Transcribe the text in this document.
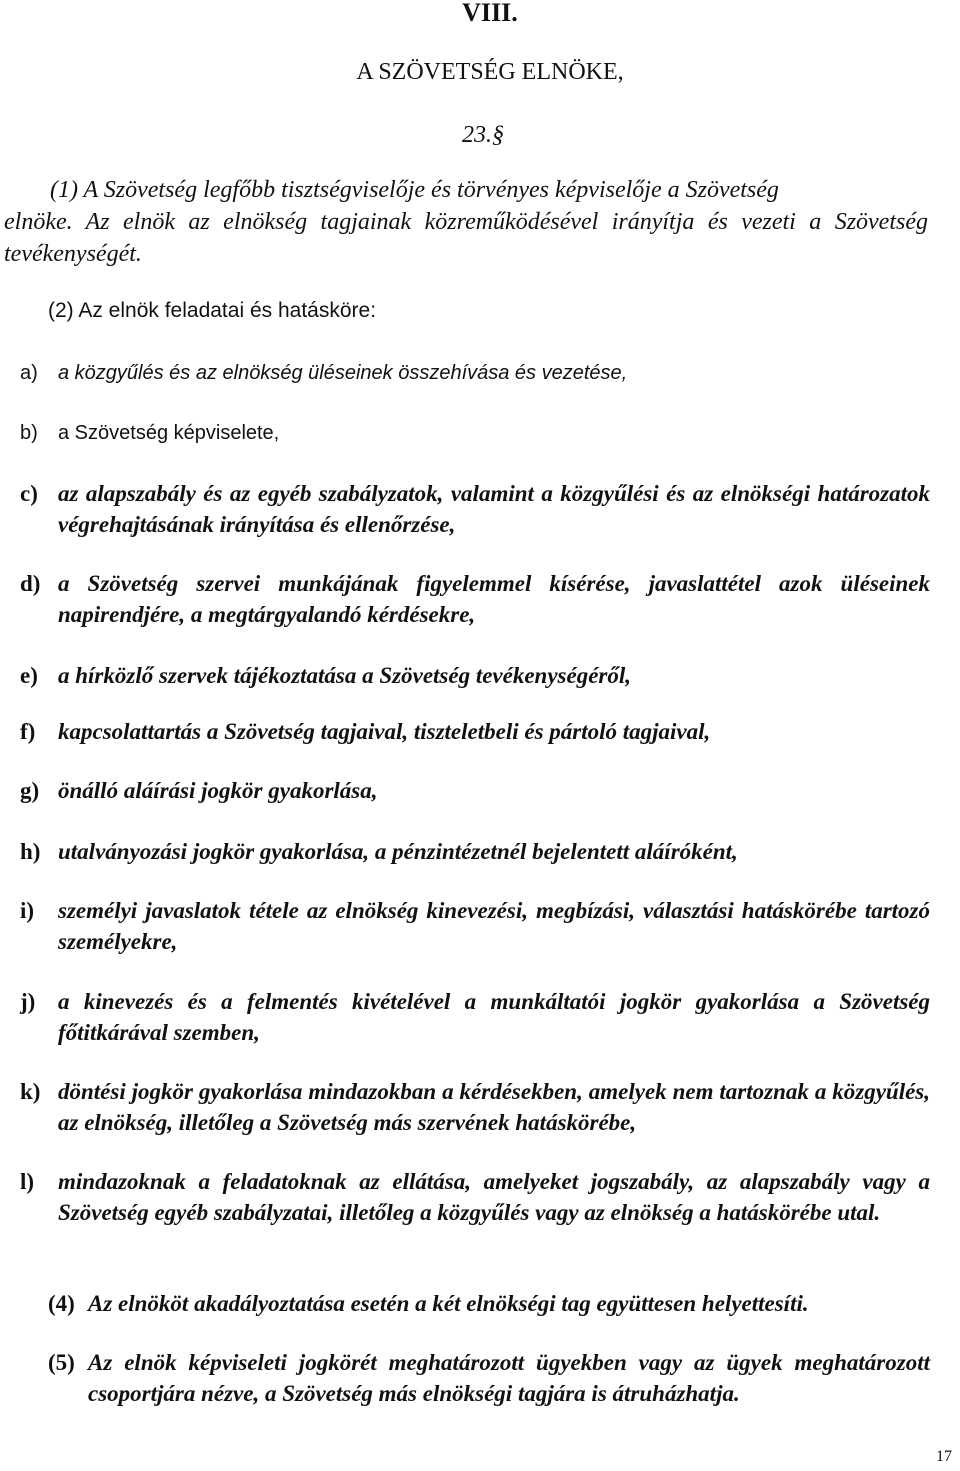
VIII.
A SZÖVETSÉG ELNÖKE,
23.§
(1) A Szövetség legfőbb tisztségviselője és törvényes képviselője a Szövetség
elnöke. Az elnök az elnökség tagjainak közreműködésével irányítja és vezeti a Szövetség tevékenységét.
(2) Az elnök feladatai és hatásköre:
a)	a közgyűlés és az elnökség üléseinek összehívása és vezetése,
b)	a Szövetség képviselete,
c) az alapszabály és az egyéb szabályzatok, valamint a közgyűlési és az elnökségi határozatok végrehajtásának irányítása és ellenőrzése,
d) a Szövetség szervei munkájának figyelemmel kísérése, javaslattétel azok üléseinek napirendjére, a megtárgyalandó kérdésekre,
e) a hírközlő szervek tájékoztatása a Szövetség tevékenységéről,
f) kapcsolattartás a Szövetség tagjaival, tiszteletbeli és pártoló tagjaival,
g) önálló aláírási jogkör gyakorlása,
h) utalványozási jogkör gyakorlása, a pénzintézetnél bejelentett aláíróként,
i)	személyi javaslatok tétele az elnökség kinevezési, megbízási, választási hatáskörébe tartozó személyekre,
j) a kinevezés és a felmentés kivételével a munkáltatói jogkör gyakorlása a Szövetség főtitkárával szemben,
k) döntési jogkör gyakorlása mindazokban a kérdésekben, amelyek nem tartoznak a közgyűlés, az elnökség, illetőleg a Szövetség más szervének hatáskörébe,
l)	mindazoknak a feladatoknak az ellátása, amelyeket jogszabály, az alapszabály vagy a Szövetség egyéb szabályzatai, illetőleg a közgyűlés vagy az elnökség a hatáskörébe utal.
(4) Az elnököt akadályoztatása esetén a két elnökségi tag együttesen helyettesíti.
(5) Az elnök képviseleti jogkörét meghatározott ügyekben vagy az ügyek meghatározott csoportjára nézve, a Szövetség más elnökségi tagjára is átruházhatja.
17
